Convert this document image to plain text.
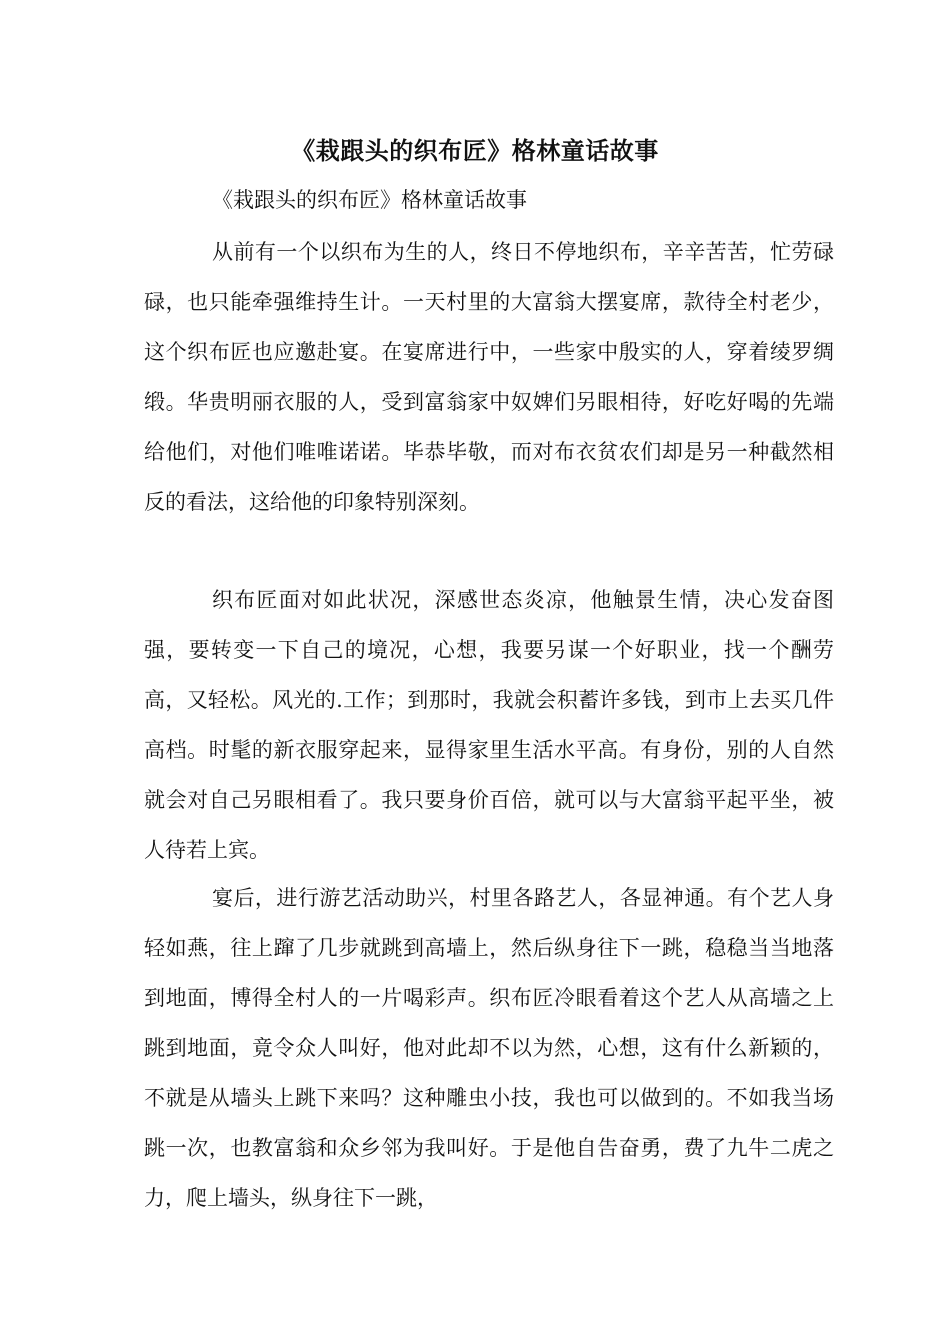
《栽跟头的织布匠》格林童话故事
《栽跟头的织布匠》格林童话故事

从前有一个以织布为生的人，终日不停地织布，辛辛苦苦，忙劳碌碌，也只能牵强维持生计。一天村里的大富翁大摆宴席，款待全村老少，这个织布匠也应邀赴宴。在宴席进行中，一些家中殷实的人，穿着绫罗绸缎。华贵明丽衣服的人，受到富翁家中奴婢们另眼相待，好吃好喝的先端给他们，对他们唯唯诺诺。毕恭毕敬，而对布衣贫农们却是另一种截然相反的看法，这给他的印象特别深刻。

织布匠面对如此状况，深感世态炎凉，他触景生情，决心发奋图强，要转变一下自己的境况，心想，我要另谋一个好职业，找一个酬劳高，又轻松。风光的.工作；到那时，我就会积蓄许多钱，到市上去买几件高档。时髦的新衣服穿起来，显得家里生活水平高。有身份，别的人自然就会对自己另眼相看了。我只要身价百倍，就可以与大富翁平起平坐，被人待若上宾。

宴后，进行游艺活动助兴，村里各路艺人，各显神通。有个艺人身轻如燕，往上蹿了几步就跳到高墙上，然后纵身往下一跳，稳稳当当地落到地面，博得全村人的一片喝彩声。织布匠冷眼看着这个艺人从高墙之上跳到地面，竟令众人叫好，他对此却不以为然，心想，这有什么新颖的，不就是从墙头上跳下来吗？这种雕虫小技，我也可以做到的。不如我当场跳一次，也教富翁和众乡邻为我叫好。于是他自告奋勇，费了九牛二虎之力，爬上墙头，纵身往下一跳，
